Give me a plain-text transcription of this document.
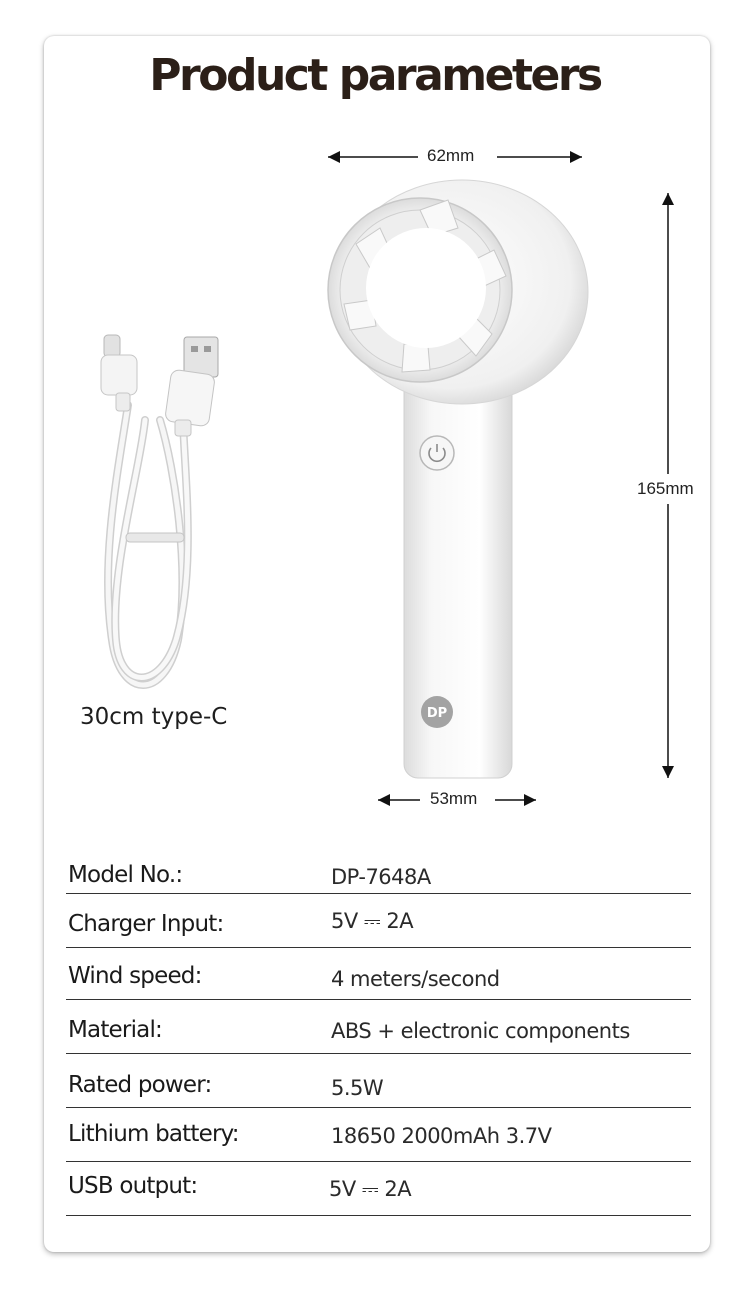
Product parameters
DP
62mm
165mm
53mm
30cm type-C
Model No.:	DP-7648A
Charger Input:	5V ⎓ 2A
Wind speed:	4 meters/second
Material:	ABS + electronic components
Rated power:	5.5W
Lithium battery:	18650 2000mAh 3.7V
USB output:	5V ⎓ 2A
